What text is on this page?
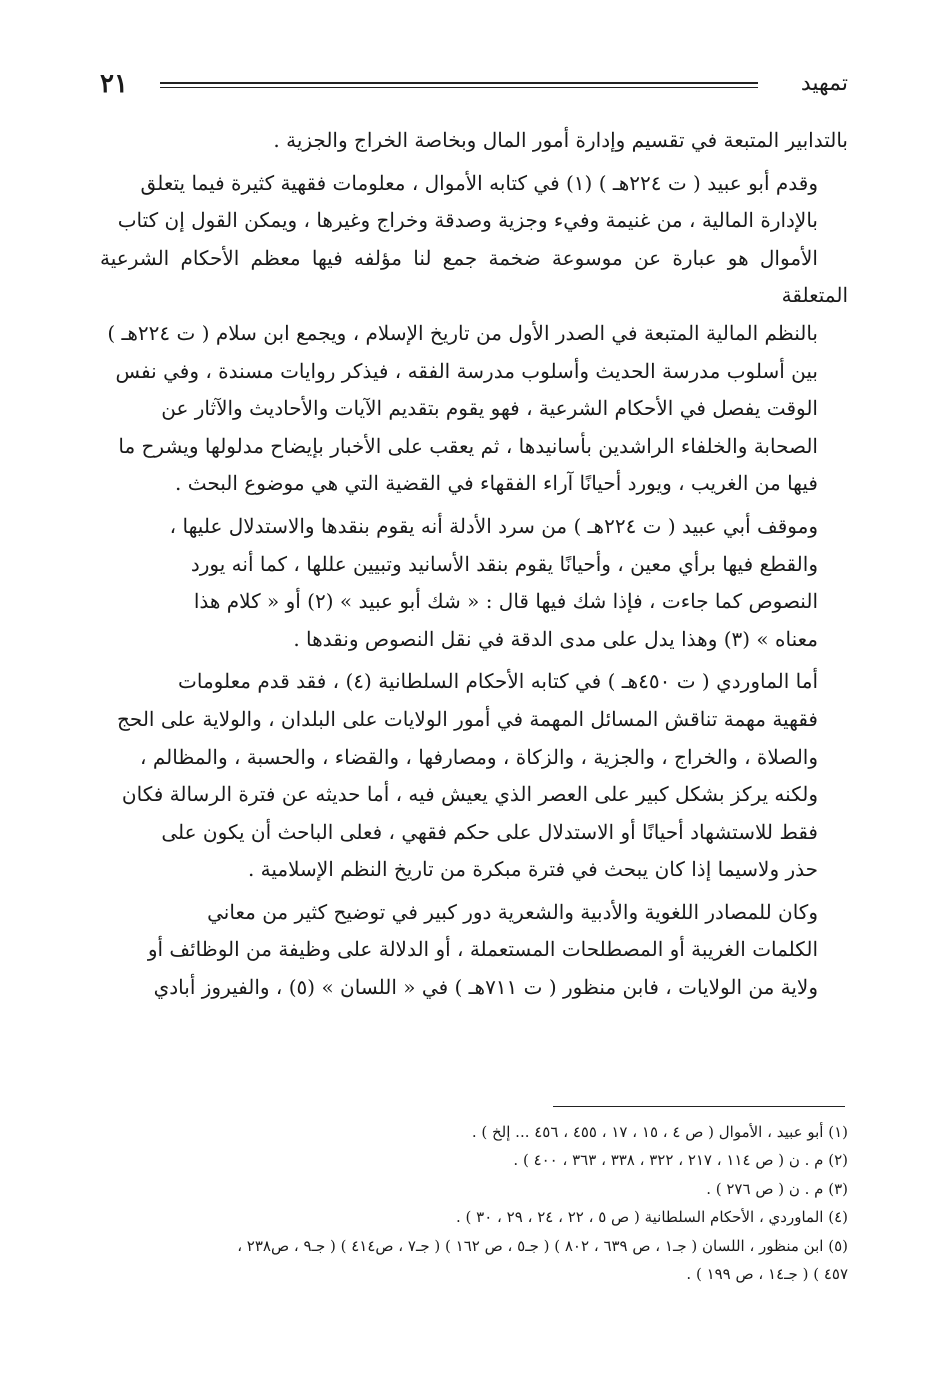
تمهيد
٢١

بالتدابير المتبعة في تقسيم وإدارة أمور المال وبخاصة الخراج والجزية .

وقدم أبو عبيد ( ت ٢٢٤هـ ) (١) في كتابه الأموال ، معلومات فقهية كثيرة فيما يتعلق
بالإدارة المالية ، من غنيمة وفيء وجزية وصدقة وخراج وغيرها ، ويمكن القول إن كتاب
الأموال هو عبارة عن موسوعة ضخمة جمع لنا مؤلفه فيها معظم الأحكام الشرعية المتعلقة
بالنظم المالية المتبعة في الصدر الأول من تاريخ الإسلام ، ويجمع ابن سلام ( ت ٢٢٤هـ )
بين أسلوب مدرسة الحديث وأسلوب مدرسة الفقه ، فيذكر روايات مسندة ، وفي نفس
الوقت يفصل في الأحكام الشرعية ، فهو يقوم بتقديم الآيات والأحاديث والآثار عن
الصحابة والخلفاء الراشدين بأسانيدها ، ثم يعقب على الأخبار بإيضاح مدلولها ويشرح ما
فيها من الغريب ، ويورد أحيانًا آراء الفقهاء في القضية التي هي موضوع البحث .

وموقف أبي عبيد ( ت ٢٢٤هـ ) من سرد الأدلة أنه يقوم بنقدها والاستدلال عليها ،
والقطع فيها برأي معين ، وأحيانًا يقوم بنقد الأسانيد وتبيين عللها ، كما أنه يورد
النصوص كما جاءت ، فإذا شك فيها قال : « شك أبو عبيد » (٢) أو « كلام هذا
معناه » (٣) وهذا يدل على مدى الدقة في نقل النصوص ونقدها .

أما الماوردي ( ت ٤٥٠هـ ) في كتابه الأحكام السلطانية (٤) ، فقد قدم معلومات
فقهية مهمة تناقش المسائل المهمة في أمور الولايات على البلدان ، والولاية على الحج
والصلاة ، والخراج ، والجزية ، والزكاة ، ومصارفها ، والقضاء ، والحسبة ، والمظالم ،
ولكنه يركز بشكل كبير على العصر الذي يعيش فيه ، أما حديثه عن فترة الرسالة فكان
فقط للاستشهاد أحيانًا أو الاستدلال على حكم فقهي ، فعلى الباحث أن يكون على
حذر ولاسيما إذا كان يبحث في فترة مبكرة من تاريخ النظم الإسلامية .

وكان للمصادر اللغوية والأدبية والشعرية دور كبير في توضيح كثير من معاني
الكلمات الغريبة أو المصطلحات المستعملة ، أو الدلالة على وظيفة من الوظائف أو
ولاية من الولايات ، فابن منظور ( ت ٧١١هـ ) في « اللسان » (٥) ، والفيروز أبادي

(١) أبو عبيد ، الأموال ( ص ٤ ، ١٥ ، ١٧ ، ٤٥٥ ، ٤٥٦ ... إلخ ) .

(٢) م . ن ( ص ١١٤ ، ٢١٧ ، ٣٢٢ ، ٣٣٨ ، ٣٦٣ ، ٤٠٠ ) .

(٣) م . ن ( ص ٢٧٦ ) .

(٤) الماوردي ، الأحكام السلطانية ( ص ٥ ، ٢٢ ، ٢٤ ، ٢٩ ، ٣٠ ) .

(٥) ابن منظور ، اللسان ( جـ١ ، ص ٦٣٩ ، ٨٠٢ ) ( جـ٥ ، ص ١٦٢ ) ( جـ٧ ، ص٤١٤ ) ( جـ٩ ، ص٢٣٨ ،

٤٥٧ ) ( جـ١٤ ، ص ١٩٩ ) .
